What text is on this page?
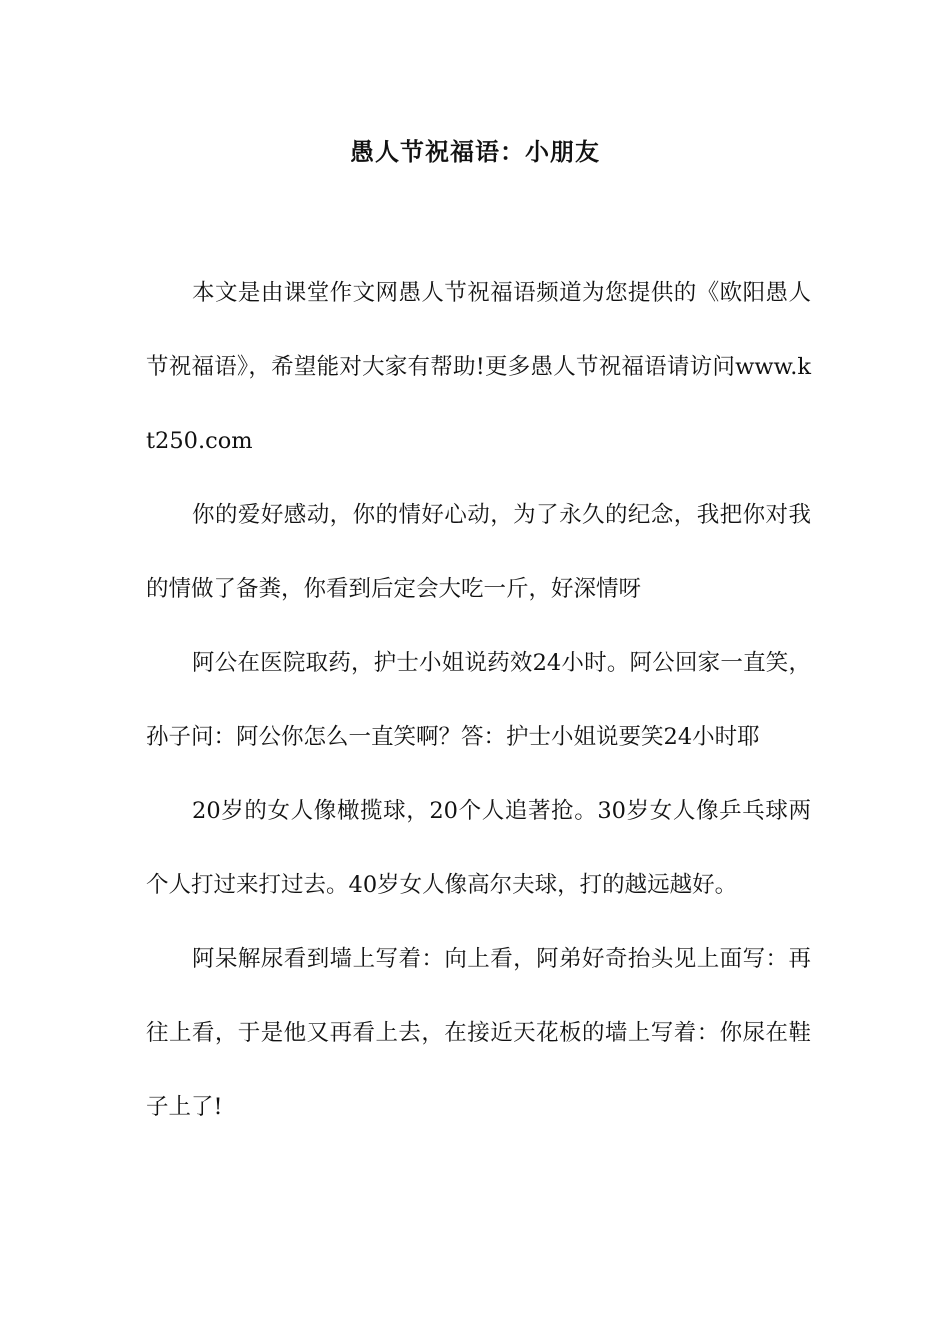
愚人节祝福语：小朋友

本文是由课堂作文网愚人节祝福语频道为您提供的《欧阳愚人节祝福语》，希望能对大家有帮助!更多愚人节祝福语请访问www.kt250.com

你的爱好感动，你的情好心动，为了永久的纪念，我把你对我的情做了备粪，你看到后定会大吃一斤，好深情呀

阿公在医院取药，护士小姐说药效24小时。阿公回家一直笑，孙子问：阿公你怎么一直笑啊？答：护士小姐说要笑24小时耶

20岁的女人像橄揽球，20个人追著抢。30岁女人像乒乓球两个人打过来打过去。40岁女人像高尔夫球，打的越远越好。

阿呆解尿看到墙上写着：向上看，阿弟好奇抬头见上面写：再往上看，于是他又再看上去，在接近天花板的墙上写着：你尿在鞋子上了!
